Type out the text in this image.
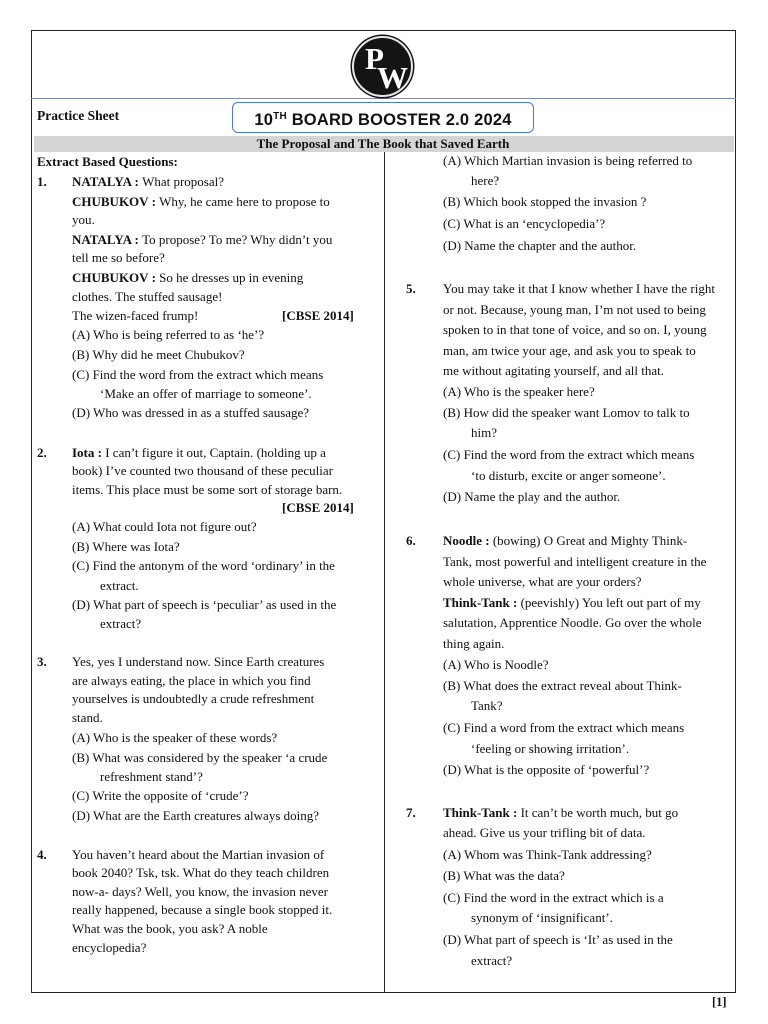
P
W
Practice Sheet	10TH BOARD BOOSTER 2.0 2024
The Proposal and The Book that Saved Earth
Extract Based Questions:
1. NATALYA : What proposal?
CHUBUKOV : Why, he came here to propose to
you.
NATALYA : To propose? To me? Why didn’t you
tell me so before?
CHUBUKOV : So he dresses up in evening
clothes. The stuffed sausage!
The wizen-faced frump!	[CBSE 2014]
(A) Who is being referred to as ‘he’?
(B) Why did he meet Chubukov?
(C) Find the word from the extract which means
‘Make an offer of marriage to someone’.
(D) Who was dressed in as a stuffed sausage?
2. Iota : I can’t figure it out, Captain. (holding up a
book) I’ve counted two thousand of these peculiar
items. This place must be some sort of storage barn.
[CBSE 2014]
(A) What could Iota not figure out?
(B) Where was Iota?
(C) Find the antonym of the word ‘ordinary’ in the
extract.
(D) What part of speech is ‘peculiar’ as used in the
extract?
3. Yes, yes I understand now. Since Earth creatures
are always eating, the place in which you find
yourselves is undoubtedly a crude refreshment
stand.
(A) Who is the speaker of these words?
(B) What was considered by the speaker ‘a crude
refreshment stand’?
(C) Write the opposite of ‘crude’?
(D) What are the Earth creatures always doing?
4. You haven’t heard about the Martian invasion of
book 2040? Tsk, tsk. What do they teach children
now-a- days? Well, you know, the invasion never
really happened, because a single book stopped it.
What was the book, you ask? A noble
encyclopedia?
(A) Which Martian invasion is being referred to
here?
(B) Which book stopped the invasion ?
(C) What is an ‘encyclopedia’?
(D) Name the chapter and the author.
5. You may take it that I know whether I have the right
or not. Because, young man, I’m not used to being
spoken to in that tone of voice, and so on. I, young
man, am twice your age, and ask you to speak to
me without agitating yourself, and all that.
(A) Who is the speaker here?
(B) How did the speaker want Lomov to talk to
him?
(C) Find the word from the extract which means
‘to disturb, excite or anger someone’.
(D) Name the play and the author.
6. Noodle : (bowing) O Great and Mighty Think-
Tank, most powerful and intelligent creature in the
whole universe, what are your orders?
Think-Tank : (peevishly) You left out part of my
salutation, Apprentice Noodle. Go over the whole
thing again.
(A) Who is Noodle?
(B) What does the extract reveal about Think-
Tank?
(C) Find a word from the extract which means
‘feeling or showing irritation’.
(D) What is the opposite of ‘powerful’?
7. Think-Tank : It can’t be worth much, but go
ahead. Give us your trifling bit of data.
(A) Whom was Think-Tank addressing?
(B) What was the data?
(C) Find the word in the extract which is a
synonym of ‘insignificant’.
(D) What part of speech is ‘It’ as used in the
extract?
[1]
